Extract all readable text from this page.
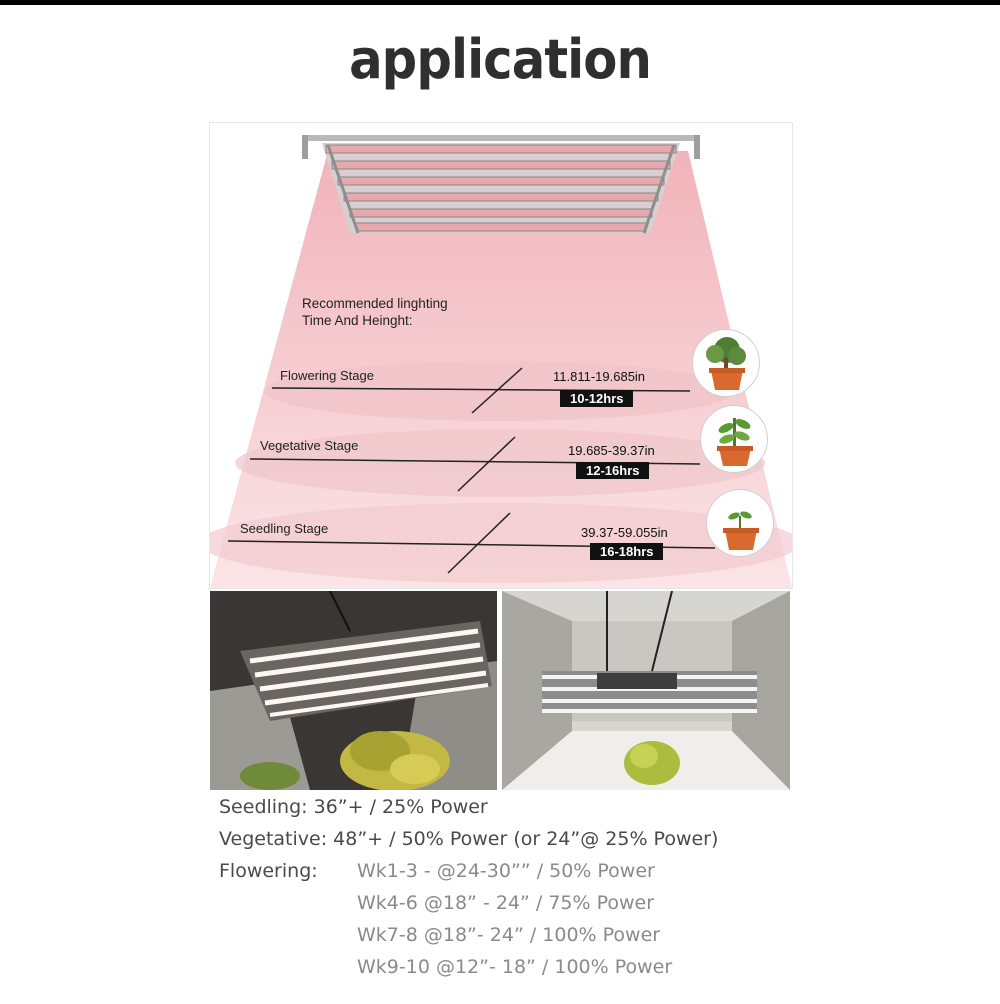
application
Recommended linghting
Time And Heinght:
Flowering Stage	11.811-19.685in
10-12hrs
Vegetative Stage	19.685-39.37in
12-16hrs
Seedling Stage	39.37-59.055in
16-18hrs
Seedling: 36”+ / 25% Power
Vegetative: 48”+ / 50% Power (or 24”@ 25% Power)
Flowering: Wk1-3 - @24-30”” / 50% Power
Wk4-6 @18” - 24” / 75% Power
Wk7-8 @18”- 24” / 100% Power
Wk9-10 @12”- 18” / 100% Power
